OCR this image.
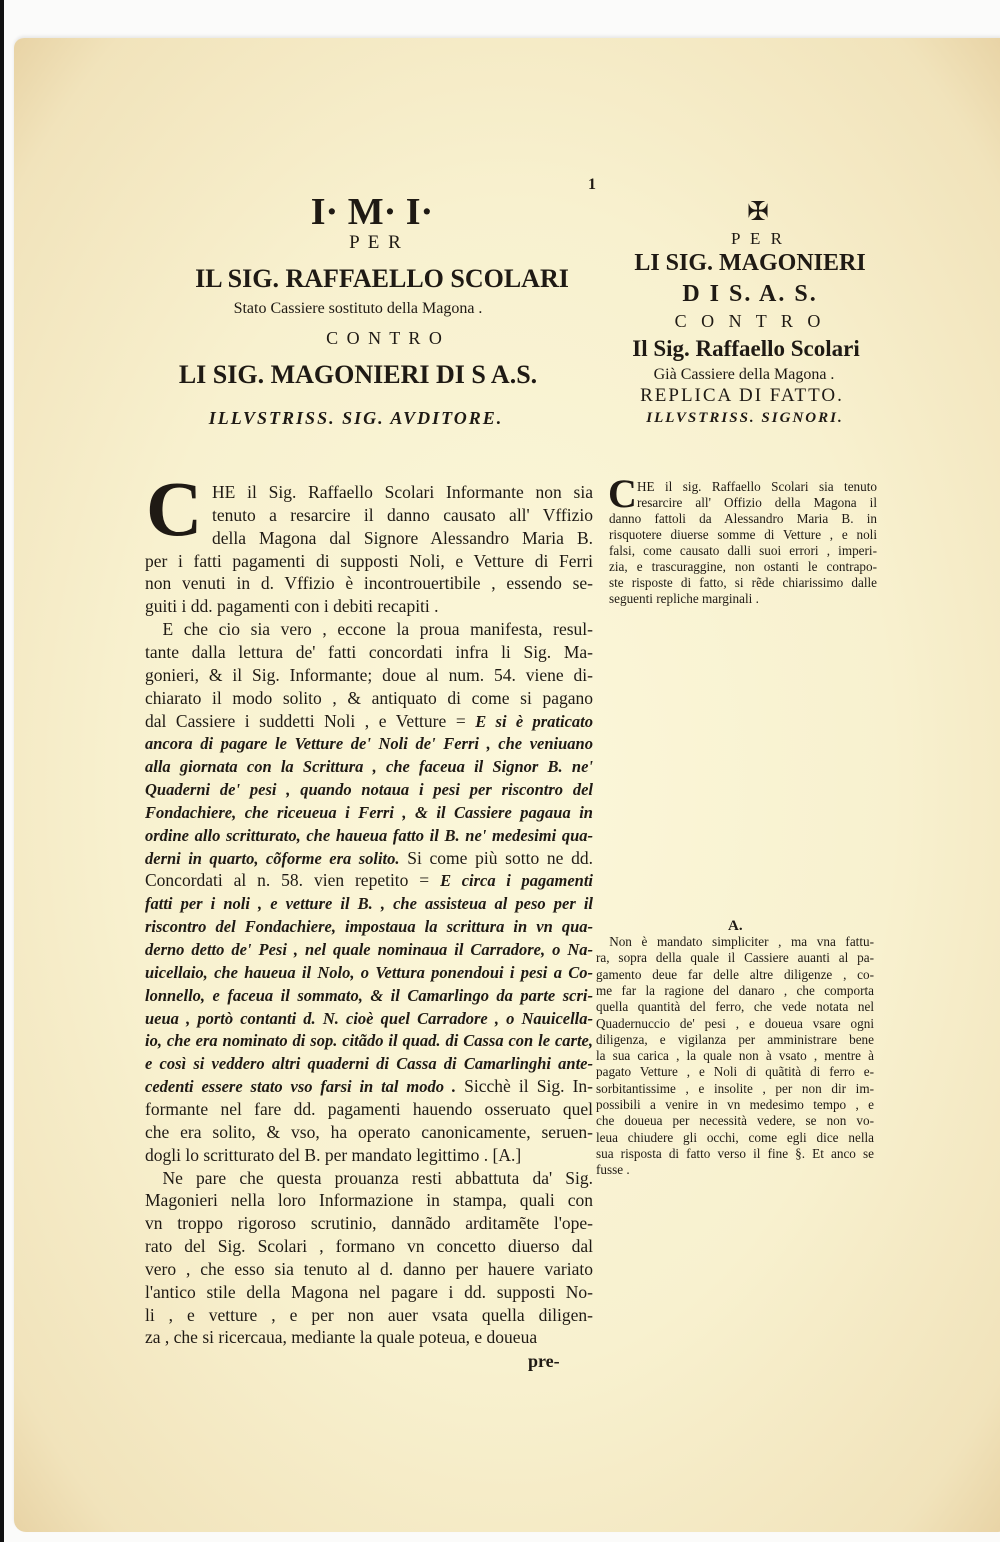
1
I· M· I·
P E R
IL SIG. RAFFAELLO SCOLARI
Stato Cassiere sostituto della Magona .
C O N T R O
LI SIG. MAGONIERI DI S A.S.
ILLVSTRISS. SIG. AVDITORE.
C HE il Sig. Raffaello Scolari Informante non sia
tenuto a resarcire il danno causato all' Vffizio
della Magona dal Signore Alessandro Maria B.
per i fatti pagamenti di supposti Noli, e Vetture di Ferri
non venuti in d. Vffizio è incontrouertibile , essendo se-
guiti i dd. pagamenti con i debiti recapiti .
 E che cio sia vero , eccone la proua manifesta, resul-
tante dalla lettura de' fatti concordati infra li Sig. Ma-
gonieri, & il Sig. Informante; doue al num. 54. viene di-
chiarato il modo solito , & antiquato di come si pagano
dal Cassiere i suddetti Noli , e Vetture = E si è praticato
ancora di pagare le Vetture de' Noli de' Ferri , che veniuano
alla giornata con la Scrittura , che faceua il Signor B. ne'
Quaderni de' pesi , quando notaua i pesi per riscontro del
Fondachiere, che riceueua i Ferri , & il Cassiere pagaua in
ordine allo scritturato, che haueua fatto il B. ne' medesimi qua-
derni in quarto, cõforme era solito. Si come più sotto ne dd.
Concordati al n. 58. vien repetito = E circa i pagamenti
fatti per i noli , e vetture il B. , che assisteua al peso per il
riscontro del Fondachiere, impostaua la scrittura in vn qua-
derno detto de' Pesi , nel quale nominaua il Carradore, o Na-
uicellaio, che haueua il Nolo, o Vettura ponendoui i pesi a Co-
lonnello, e faceua il sommato, & il Camarlingo da parte scri-
ueua , portò contanti d. N. cioè quel Carradore , o Nauicella-
io, che era nominato di sop. citãdo il quad. di Cassa con le carte,
e così si veddero altri quaderni di Cassa di Camarlinghi ante-
cedenti essere stato vso farsi in tal modo . Sicchè il Sig. In-
formante nel fare dd. pagamenti hauendo osseruato quel
che era solito, & vso, ha operato canonicamente, seruen-
dogli lo scritturato del B. per mandato legittimo . [A.]
 Ne pare che questa prouanza resti abbattuta da' Sig.
Magonieri nella loro Informazione in stampa, quali con
vn troppo rigoroso scrutinio, dannãdo arditamẽte l'ope-
rato del Sig. Scolari , formano vn concetto diuerso dal
vero , che esso sia tenuto al d. danno per hauere variato
l'antico stile della Magona nel pagare i dd. supposti No-
li , e vetture , e per non auer vsata quella diligen-
za , che si ricercaua, mediante la quale poteua, e doueua
pre-
✠
P E R
LI SIG. MAGONIERI
D I S. A. S.
C O N T R O
Il Sig. Raffaello Scolari
Già Cassiere della Magona .
REPLICA DI FATTO.
ILLVSTRISS. SIGNORI.
C HE il sig. Raffaello Scolari sia tenuto
resarcire all' Offizio della Magona il
danno fattoli da Alessandro Maria B. in
risquotere diuerse somme di Vetture , e noli
falsi, come causato dalli suoi errori , imperi-
zia, e trascuraggine, non ostanti le contrapo-
ste risposte di fatto, si rẽde chiarissimo dalle
seguenti repliche marginali .
A.
 Non è mandato simpliciter , ma vna fattu-
ra, sopra della quale il Cassiere auanti al pa-
gamento deue far delle altre diligenze , co-
me far la ragione del danaro , che comporta
quella quantità del ferro, che vede notata nel
Quadernuccio de' pesi , e doueua vsare ogni
diligenza, e vigilanza per amministrare bene
la sua carica , la quale non à vsato , mentre à
pagato Vetture , e Noli di quãtità di ferro e-
sorbitantissime , e insolite , per non dir im-
possibili a venire in vn medesimo tempo , e
che doueua per necessità vedere, se non vo-
leua chiudere gli occhi, come egli dice nella
sua risposta di fatto verso il fine §. Et anco se
fusse .
